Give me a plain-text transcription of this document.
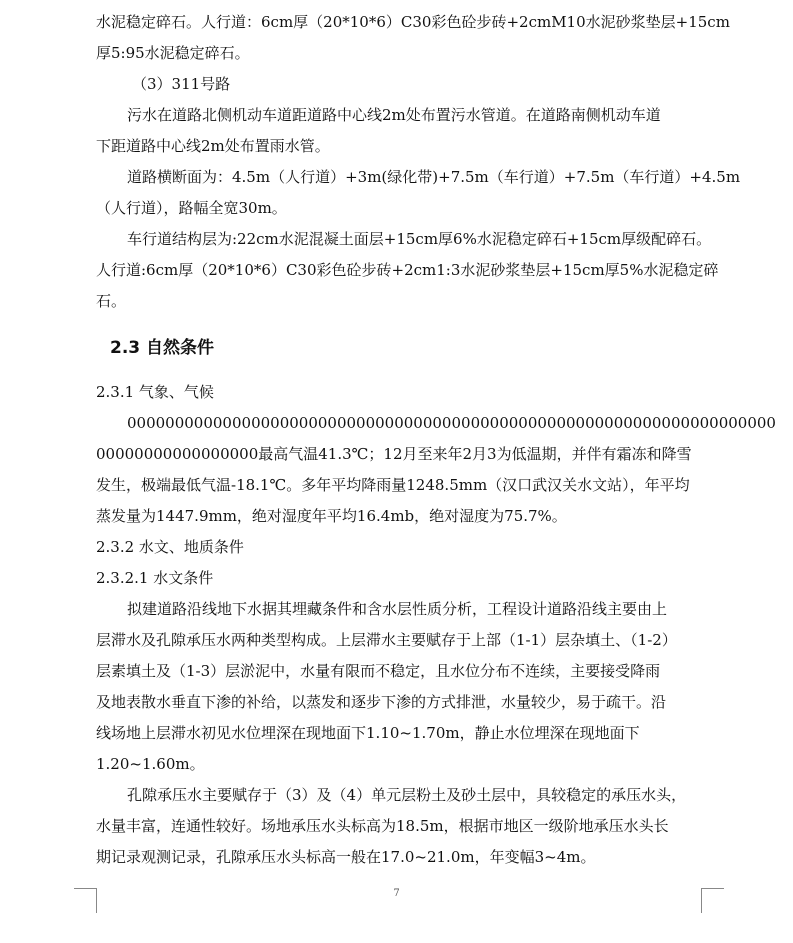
水泥稳定碎石。人行道：6cm厚（20*10*6）C30彩色砼步砖+2cmM10水泥砂浆垫层+15cm
厚5:95水泥稳定碎石。
（3）311号路
污水在道路北侧机动车道距道路中心线2m处布置污水管道。在道路南侧机动车道
下距道路中心线2m处布置雨水管。
道路横断面为：4.5m（人行道）+3m(绿化带)+7.5m（车行道）+7.5m（车行道）+4.5m
（人行道），路幅全宽30m。
车行道结构层为:22cm水泥混凝土面层+15cm厚6%水泥稳定碎石+15cm厚级配碎石。
人行道:6cm厚（20*10*6）C30彩色砼步砖+2cm1:3水泥砂浆垫层+15cm厚5%水泥稳定碎
石。
2.3 自然条件
2.3.1 气象、气候
00000000000000000000000000000000000000000000000000000000000000000000
00000000000000000最高气温41.3℃；12月至来年2月3为低温期，并伴有霜冻和降雪
发生，极端最低气温-18.1℃。多年平均降雨量1248.5mm（汉口武汉关水文站），年平均
蒸发量为1447.9mm，绝对湿度年平均16.4mb，绝对湿度为75.7%。
2.3.2 水文、地质条件
2.3.2.1 水文条件
拟建道路沿线地下水据其埋藏条件和含水层性质分析，工程设计道路沿线主要由上
层滞水及孔隙承压水两种类型构成。上层滞水主要赋存于上部（1-1）层杂填土、（1-2）
层素填土及（1-3）层淤泥中，水量有限而不稳定，且水位分布不连续，主要接受降雨
及地表散水垂直下渗的补给，以蒸发和逐步下渗的方式排泄，水量较少，易于疏干。沿
线场地上层滞水初见水位埋深在现地面下1.10~1.70m，静止水位埋深在现地面下
1.20~1.60m。
孔隙承压水主要赋存于（3）及（4）单元层粉土及砂土层中，具较稳定的承压水头，
水量丰富，连通性较好。场地承压水头标高为18.5m，根据市地区一级阶地承压水头长
期记录观测记录，孔隙承压水头标高一般在17.0~21.0m，年变幅3~4m。
7
